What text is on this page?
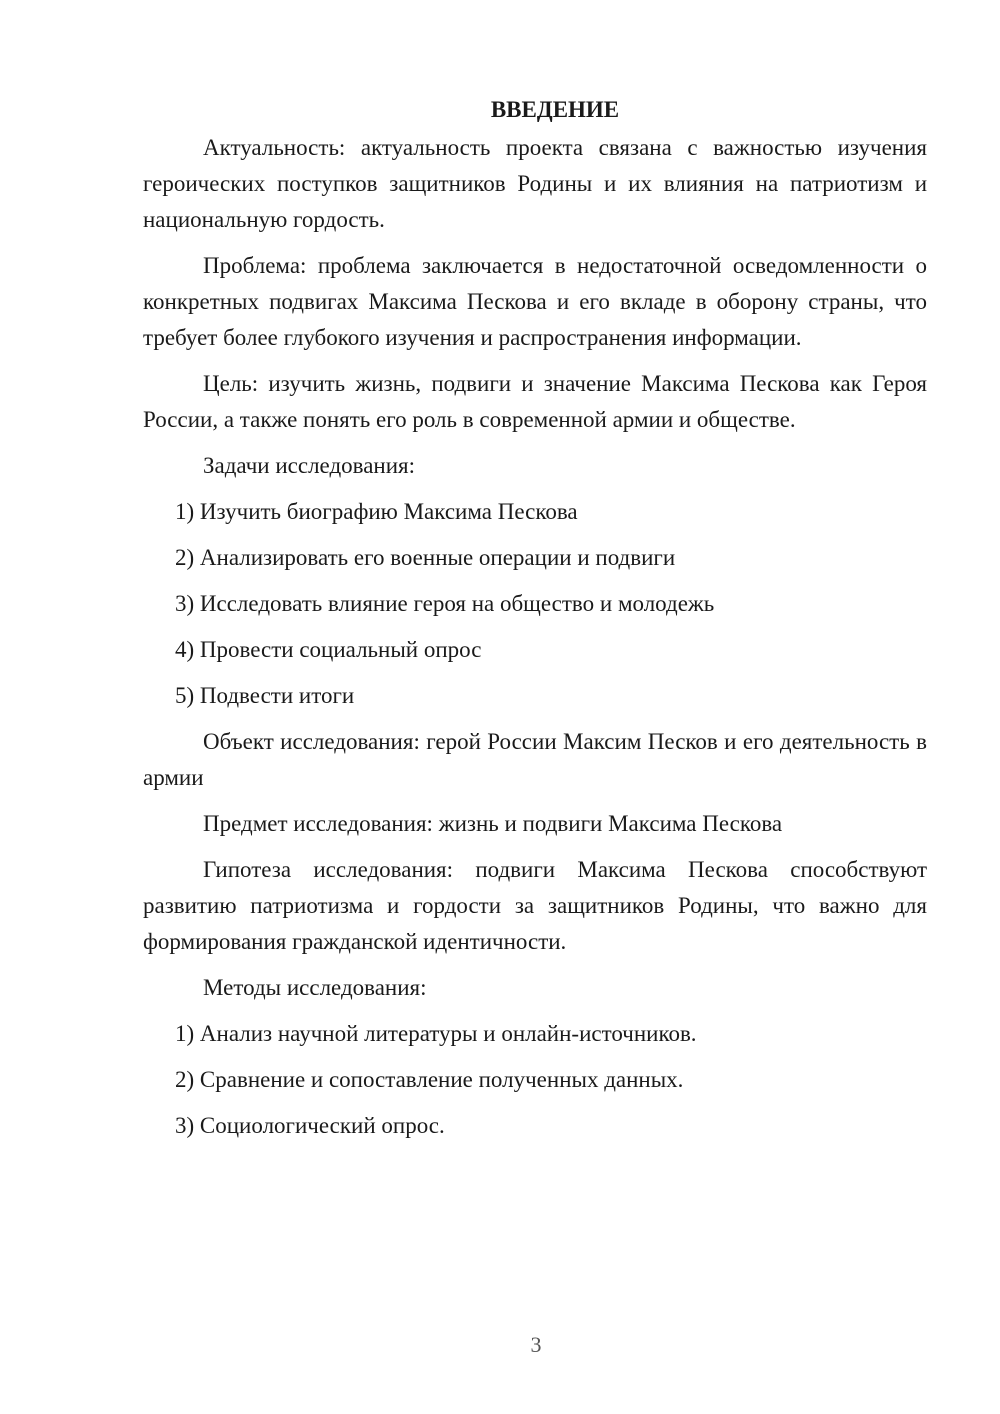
ВВЕДЕНИЕ

Актуальность: актуальность проекта связана с важностью изучения героических поступков защитников Родины и их влияния на патриотизм и национальную гордость.

Проблема: проблема заключается в недостаточной осведомленности о конкретных подвигах Максима Пескова и его вкладе в оборону страны, что требует более глубокого изучения и распространения информации.

Цель: изучить жизнь, подвиги и значение Максима Пескова как Героя России, а также понять его роль в современной армии и обществе.

Задачи исследования:

1) Изучить биографию Максима Пескова

2) Анализировать его военные операции и подвиги

3) Исследовать влияние героя на общество и молодежь

4) Провести социальный опрос

5) Подвести итоги

Объект исследования: герой России Максим Песков и его деятельность в армии

Предмет исследования: жизнь и подвиги Максима Пескова

Гипотеза исследования: подвиги Максима Пескова способствуют развитию патриотизма и гордости за защитников Родины, что важно для формирования гражданской идентичности.

Методы исследования:

1) Анализ научной литературы и онлайн-источников.

2) Сравнение и сопоставление полученных данных.

3) Социологический опрос.

3
